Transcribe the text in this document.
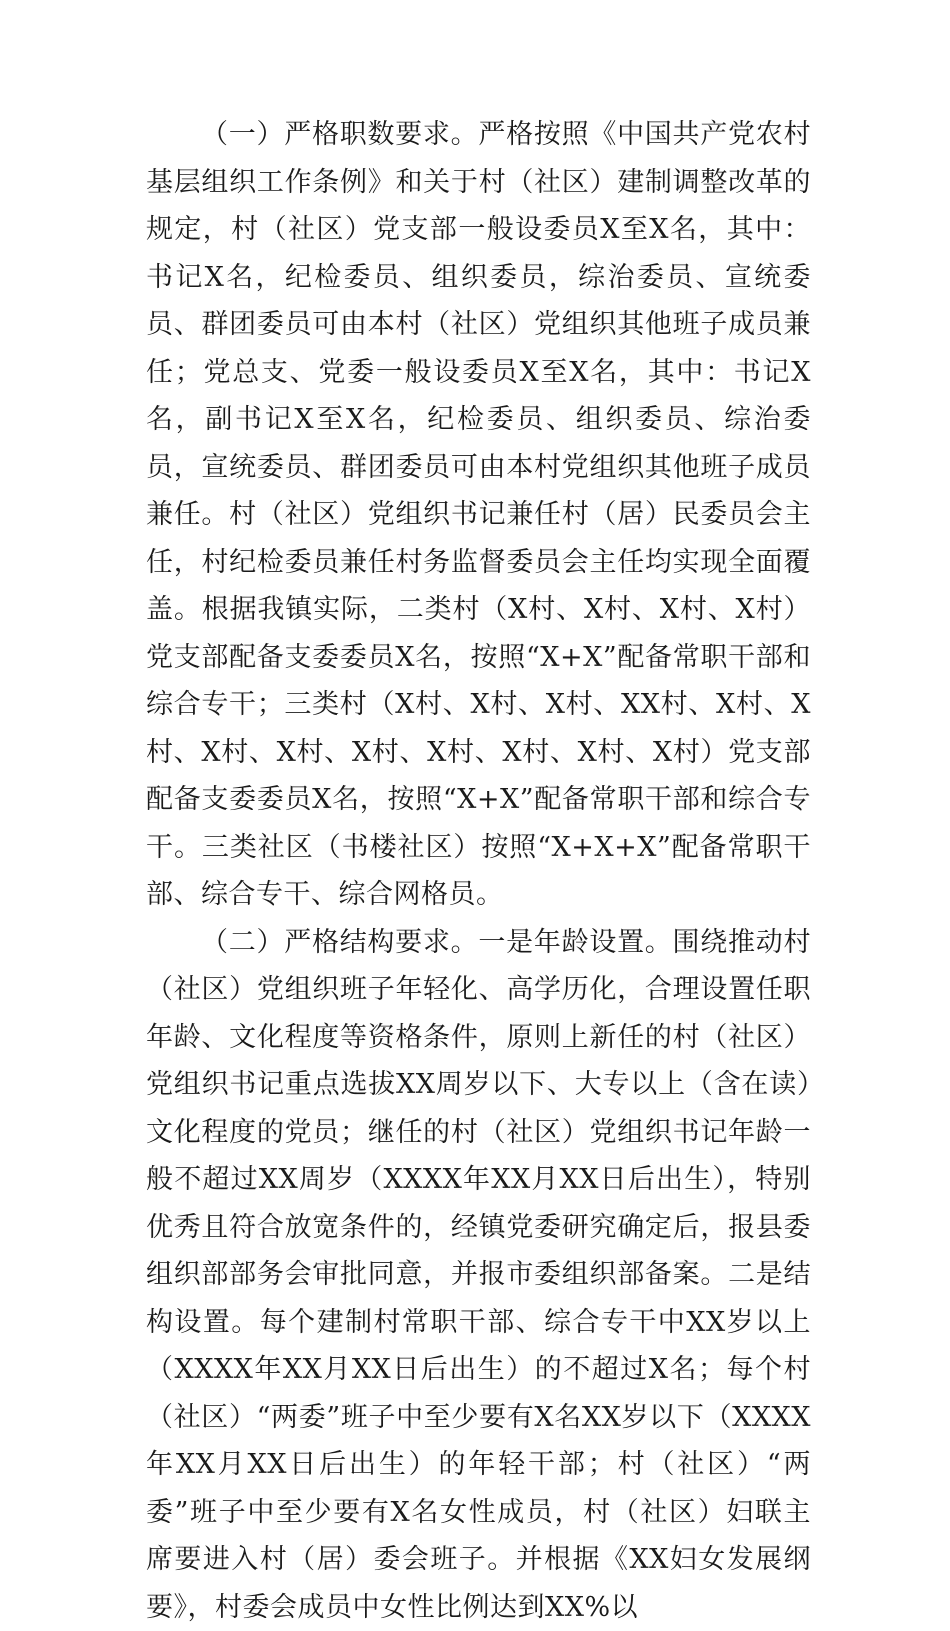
（一）严格职数要求。严格按照《中国共产党农村基层组织工作条例》和关于村（社区）建制调整改革的规定，村（社区）党支部一般设委员X至X名，其中：书记X名，纪检委员、组织委员，综治委员、宣统委员、群团委员可由本村（社区）党组织其他班子成员兼任；党总支、党委一般设委员X至X名，其中：书记X名，副书记X至X名，纪检委员、组织委员、综治委员，宣统委员、群团委员可由本村党组织其他班子成员兼任。村（社区）党组织书记兼任村（居）民委员会主任，村纪检委员兼任村务监督委员会主任均实现全面覆盖。根据我镇实际，二类村（X村、X村、X村、X村）党支部配备支委委员X名，按照“X+X”配备常职干部和综合专干；三类村（X村、X村、X村、XX村、X村、X村、X村、X村、X村、X村、X村、X村、X村）党支部配备支委委员X名，按照“X+X”配备常职干部和综合专干。三类社区（书楼社区）按照“X+X+X”配备常职干部、综合专干、综合网格员。

（二）严格结构要求。一是年龄设置。围绕推动村（社区）党组织班子年轻化、高学历化，合理设置任职年龄、文化程度等资格条件，原则上新任的村（社区）党组织书记重点选拔XX周岁以下、大专以上（含在读）文化程度的党员；继任的村（社区）党组织书记年龄一般不超过XX周岁（XXXX年XX月XX日后出生），特别优秀且符合放宽条件的，经镇党委研究确定后，报县委组织部部务会审批同意，并报市委组织部备案。二是结构设置。每个建制村常职干部、综合专干中XX岁以上（XXXX年XX月XX日后出生）的不超过X名；每个村（社区）“两委”班子中至少要有X名XX岁以下（XXXX年XX月XX日后出生）的年轻干部；村（社区）“两委”班子中至少要有X名女性成员，村（社区）妇联主席要进入村（居）委会班子。并根据《XX妇女发展纲要》，村委会成员中女性比例达到XX%以
